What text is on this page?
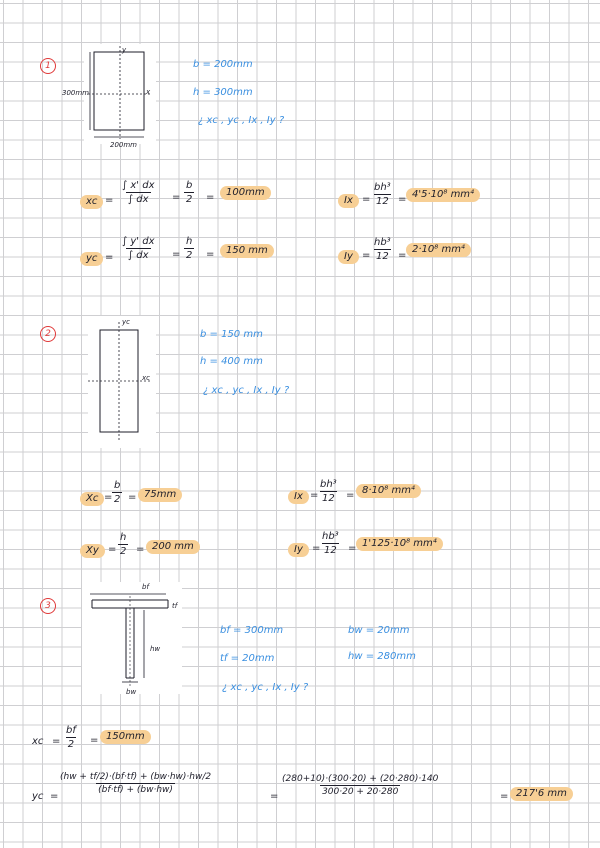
1
300mm
200mm
y
x
b = 200mm
h = 300mm
¿ xc , yc , Ix , Iy ?
xc = $\frac{\int x' dx}{\int dx} = \frac{b}{2}$ =	100mm
yc = $\frac{\int y' dx}{\int dx} = \frac{h}{2}$ =	150 mm
$Ix = \frac{\text{bh³}}{12} = 4'5\cdot 10^8$ mm⁴
$Iy = \frac{\text{hb³}}{12}$ =
2·10⁸ mm⁴
2
yc
xc
b = 150 mm
h = 400 mm
¿ xc , yc , Ix , Iy ?
$Xc = \frac{b}{2} = 75mm$
$Xy = \frac{h}{2} = 200$ mm
$Ix = \frac{\text{bh³}}{12} = 8\cdot 10^8$ mm⁴
$Iy = \frac{\text{hb³}}{12} = 1'125\cdot 10^8$ mm⁴
3
bf
tf
hw
bw
bf = 300mm
tf = 20mm
¿ xc , yc , Ix , Iy ?
bw = 20mm
hw = 280mm
xc = $\frac{bf}{2} = 150mm$
yc =
$\frac{(hw + tf/2)\cdot(bf\cdot tf) + (bw\cdot hw)\cdot hw/2}{(bf\cdot tf) + (bw\cdot hw)}$
= $\frac{(280+10)\cdot(300\cdot 20) + (20\cdot 280)\cdot 140}{300\cdot 20 + 20\cdot 280}$	= 217'6 mm
